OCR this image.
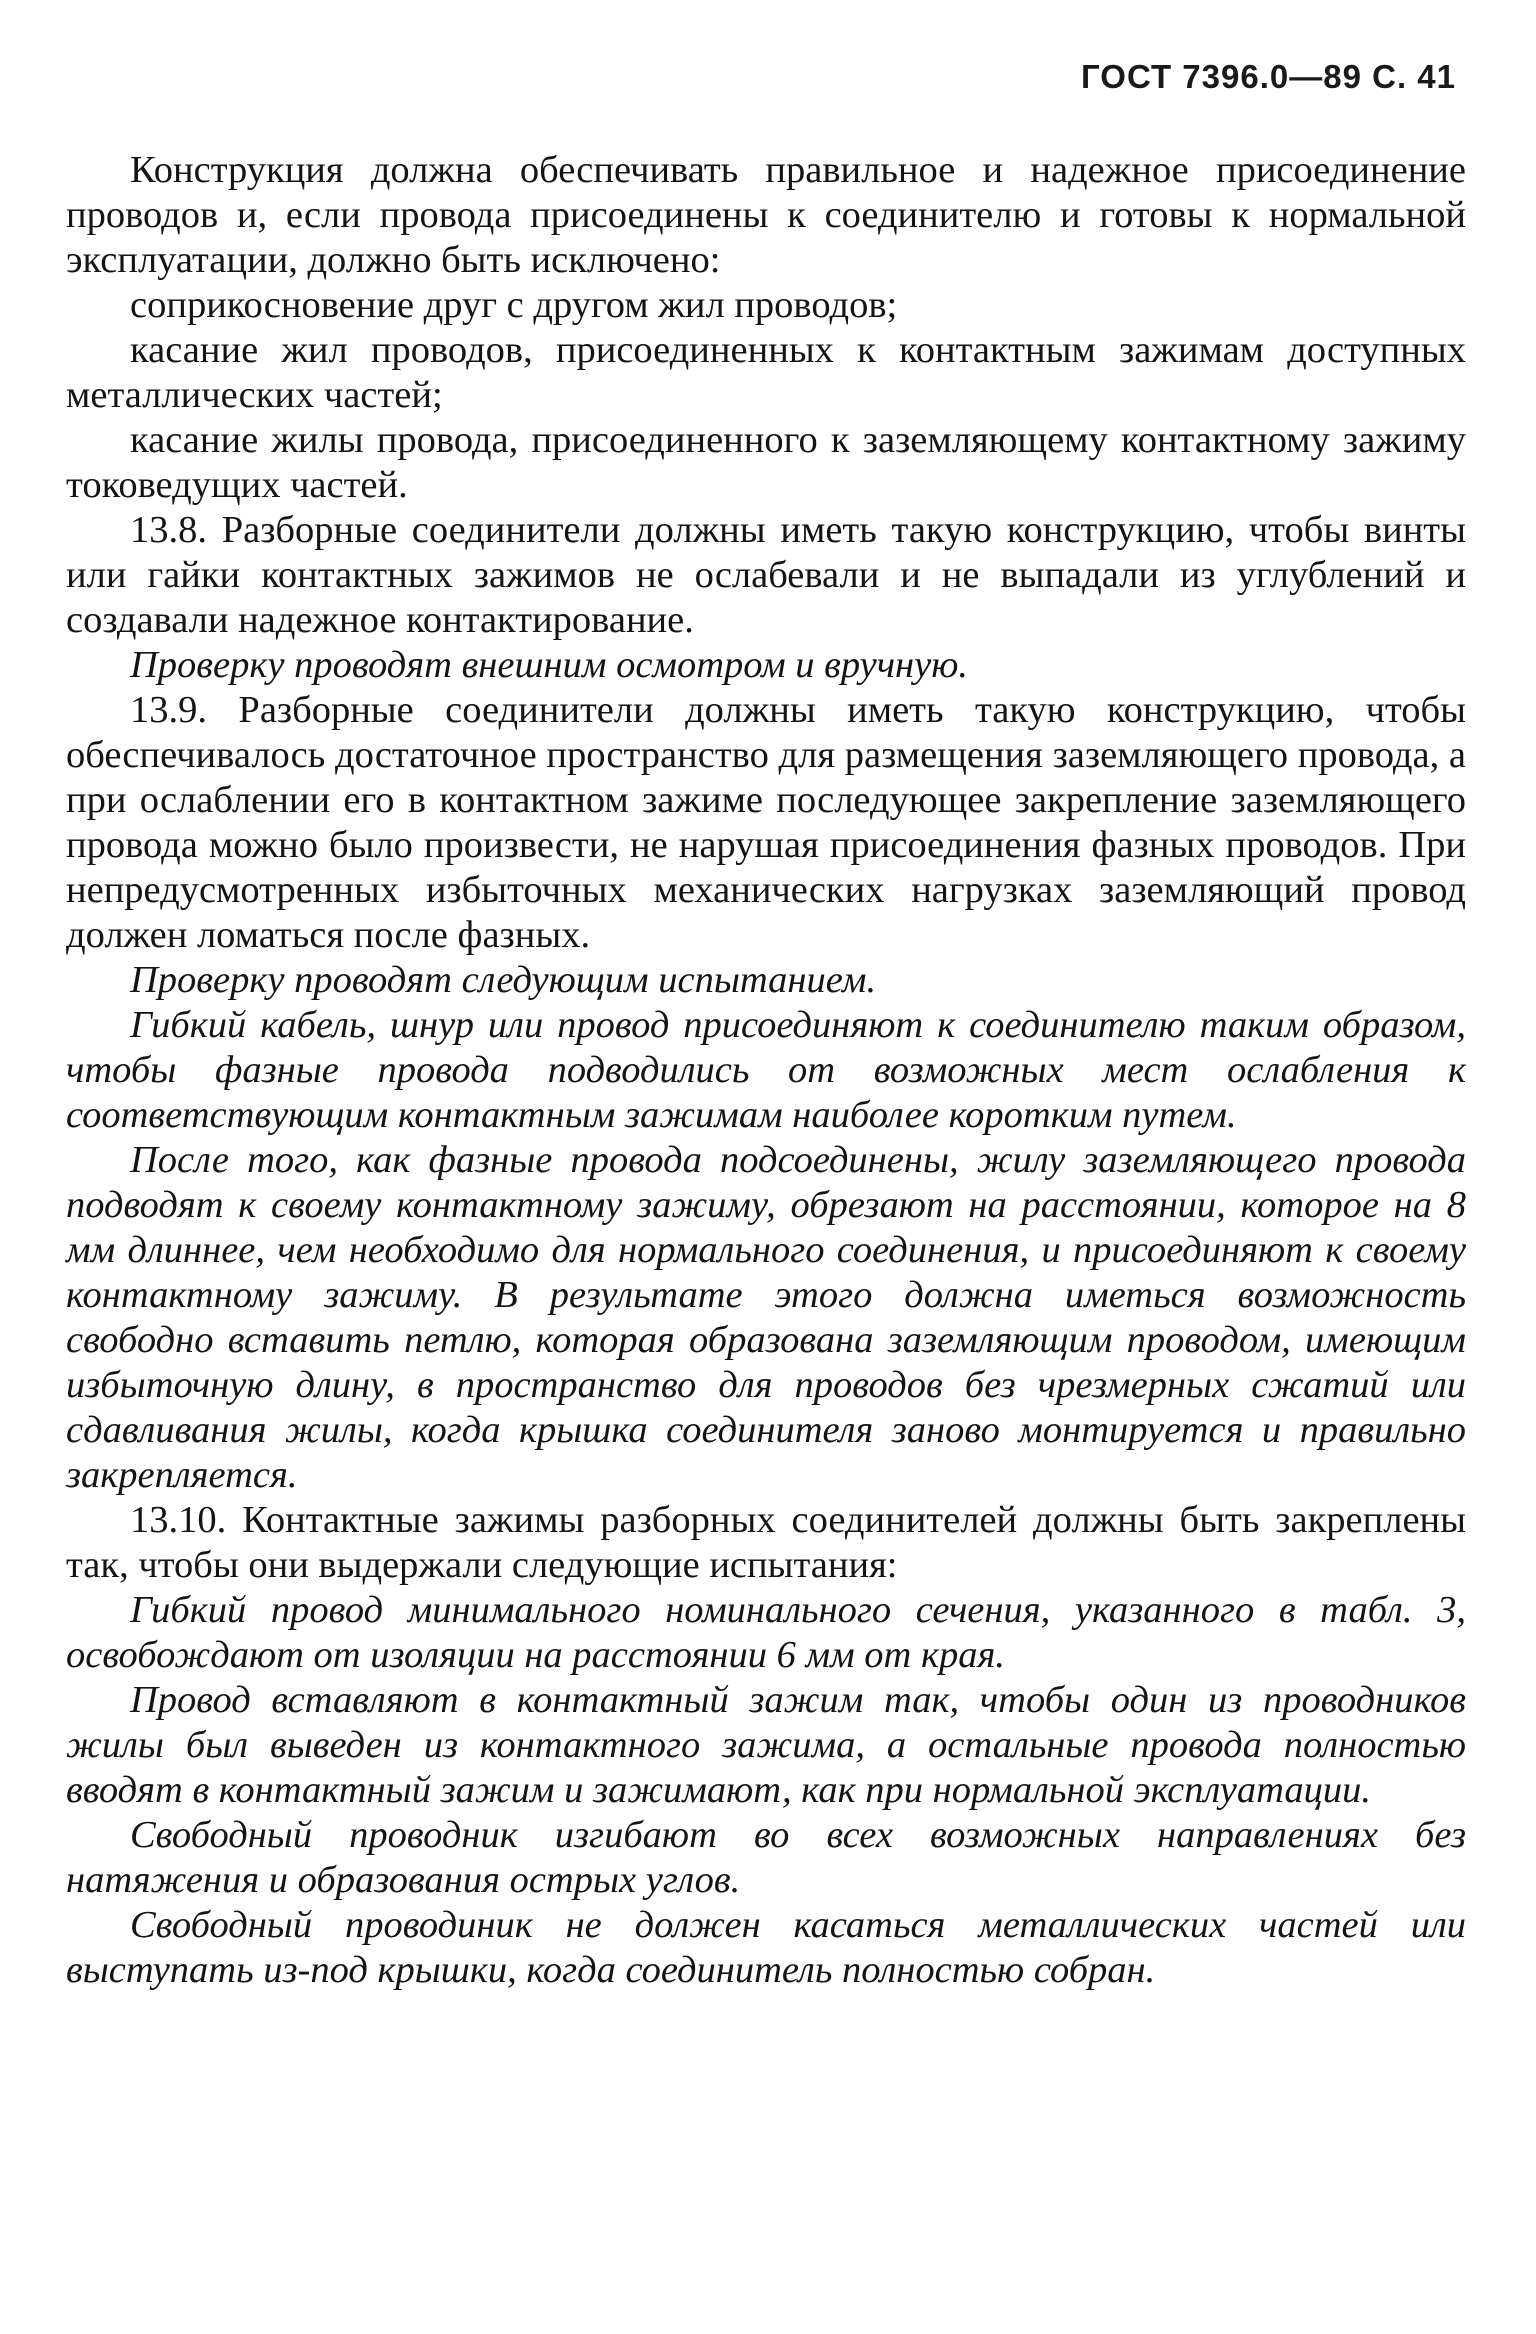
ГОСТ 7396.0—89 С. 41

Конструкция должна обеспечивать правильное и надежное присоединение проводов и, если провода присоединены к соединителю и готовы к нормальной эксплуатации, должно быть исключено:

соприкосновение друг с другом жил проводов;

касание жил проводов, присоединенных к контактным зажимам доступных металлических частей;

касание жилы провода, присоединенного к заземляющему контактному зажиму токоведущих частей.

13.8. Разборные соединители должны иметь такую конструкцию, чтобы винты или гайки контактных зажимов не ослабевали и не выпадали из углублений и создавали надежное контактирование.

Проверку проводят внешним осмотром и вручную.

13.9. Разборные соединители должны иметь такую конструкцию, чтобы обеспечивалось достаточное пространство для размещения заземляющего провода, а при ослаблении его в контактном зажиме последующее закрепление заземляющего провода можно было произвести, не нарушая присоединения фазных проводов. При непредусмотренных избыточных механических нагрузках заземляющий провод должен ломаться после фазных.

Проверку проводят следующим испытанием.

Гибкий кабель, шнур или провод присоединяют к соединителю таким образом, чтобы фазные провода подводились от возможных мест ослабления к соответствующим контактным зажимам наиболее коротким путем.

После того, как фазные провода подсоединены, жилу заземляющего провода подводят к своему контактному зажиму, обрезают на расстоянии, которое на 8 мм длиннее, чем необходимо для нормального соединения, и присоединяют к своему контактному зажиму. В результате этого должна иметься возможность свободно вставить петлю, которая образована заземляющим проводом, имеющим избыточную длину, в пространство для проводов без чрезмерных сжатий или сдавливания жилы, когда крышка соединителя заново монтируется и правильно закрепляется.

13.10. Контактные зажимы разборных соединителей должны быть закреплены так, чтобы они выдержали следующие испытания:

Гибкий провод минимального номинального сечения, указанного в табл. 3, освобождают от изоляции на расстоянии 6 мм от края.

Провод вставляют в контактный зажим так, чтобы один из проводников жилы был выведен из контактного зажима, а остальные провода полностью вводят в контактный зажим и зажимают, как при нормальной эксплуатации.

Свободный проводник изгибают во всех возможных направлениях без натяжения и образования острых углов.

Свободный проводиник не должен касаться металлических частей или выступать из-под крышки, когда соединитель полностью собран.
